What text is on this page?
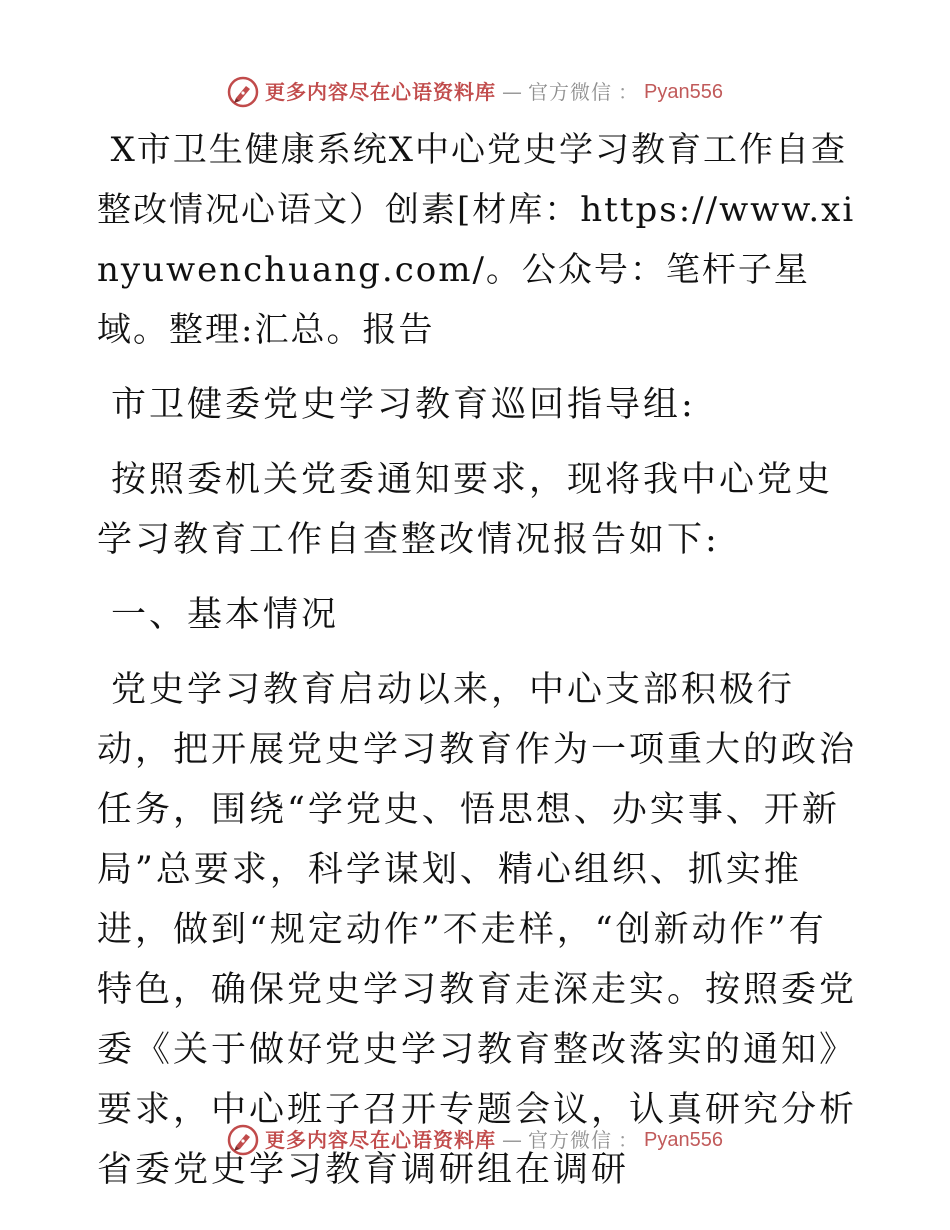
更多内容尽在心语资料库 — 官方微信 ： Pyan556

X市卫生健康系统X中心党史学习教育工作自查整改情况心语文）创素[材库：https://www.xinyuwenchuang.com/。公众号：笔杆子星域。整理:汇总。报告

市卫健委党史学习教育巡回指导组:

按照委机关党委通知要求，现将我中心党史学习教育工作自查整改情况报告如下:

一、基本情况

党史学习教育启动以来，中心支部积极行动，把开展党史学习教育作为一项重大的政治任务，围绕“学党史、悟思想、办实事、开新局”总要求，科学谋划、精心组织、抓实推进，做到“规定动作”不走样，“创新动作”有特色，确保党史学习教育走深走实。按照委党委《关于做好党史学习教育整改落实的通知》要求，中心班子召开专题会议，认真研究分析省委党史学习教育调研组在调研

更多内容尽在心语资料库 — 官方微信 ： Pyan556
